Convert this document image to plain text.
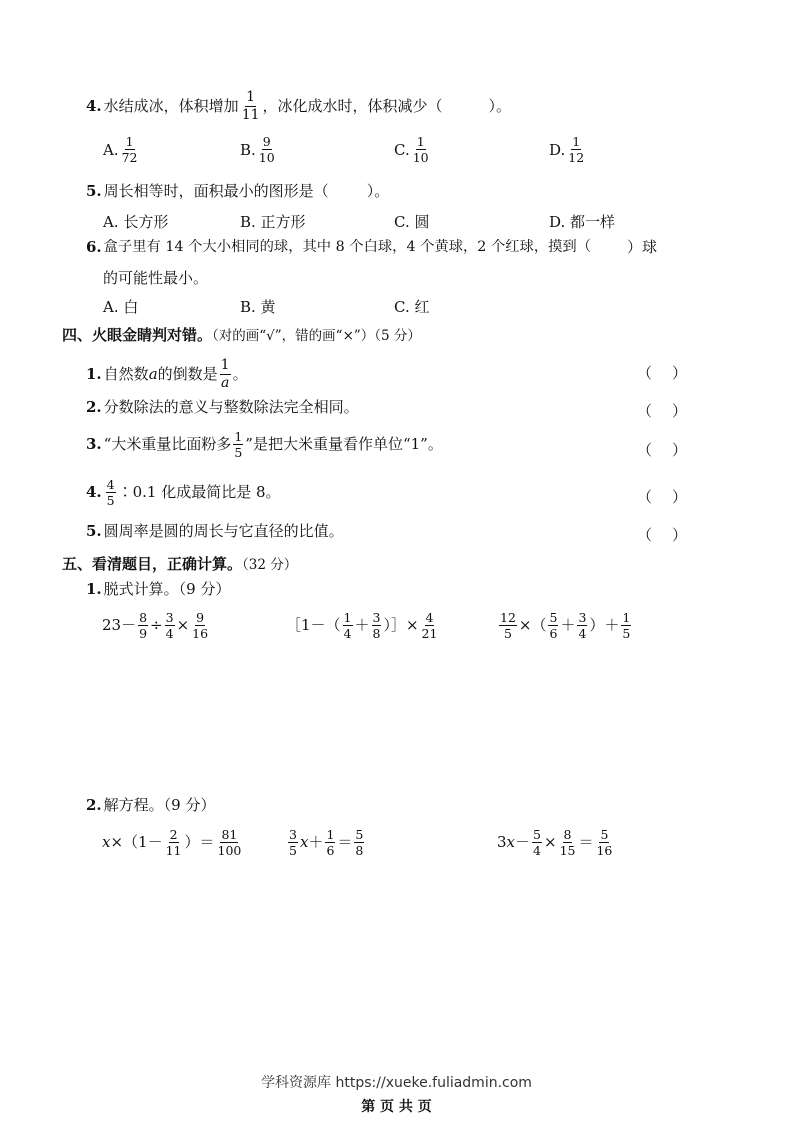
4. 水结成冰，体积增加 $\frac{1}{11}$ ，冰化成水时，体积减少（	）。
A. $\frac{1}{72}$	B. $\frac{9}{10}$	C. $\frac{1}{10}$	D. $\frac{1}{12}$
5. 周长相等时，面积最小的图形是（	）。
A. 长方形	B. 正方形	C. 圆	D. 都一样
6. 盒子里有 14 个大小相同的球，其中 8 个白球，4 个黄球，2 个红球，摸到（ ）球
的可能性最小。
A. 白	B. 黄	C. 红
四、火眼金睛判对错。（对的画“√”，错的画“×”）（5 分）
1. 自然数 a 的倒数是 $\frac{1}{a}$ 。	（ ）
2. 分数除法的意义与整数除法完全相同。	（ ）
3. “大米重量比面粉多 $\frac{1}{5}$ ”是把大米重量看作单位“1”。	（ ）
4. $\frac{4}{5}$ ∶0.1 化成最简比是 8。	（ ）
5. 圆周率是圆的周长与它直径的比值。	（ ）
五、看清题目，正确计算。（32 分）
1. 脱式计算。（9 分）
$23- \frac{8}{9} \div \frac{3}{4} \times \frac{9}{16}$	［1－（ $\frac{1}{4} + \frac{3}{8}$ ）］× $\frac{4}{21}$	$\frac{12}{5}$ ×（ $\frac{5}{6} + \frac{3}{4}$ ）＋ $\frac{1}{5}$
2. 解方程。（9 分）
$x \times(1- \frac{2}{11}$ ）＝ $\frac{81}{100}$	$\frac{3}{5}$ $x + \frac{1}{6} = \frac{5}{8}$	3 $x - \frac{5}{4} \times \frac{8}{15} = \frac{5}{16}$
学科资源库 https://xueke.fuliadmin.com
第 页 共 页
